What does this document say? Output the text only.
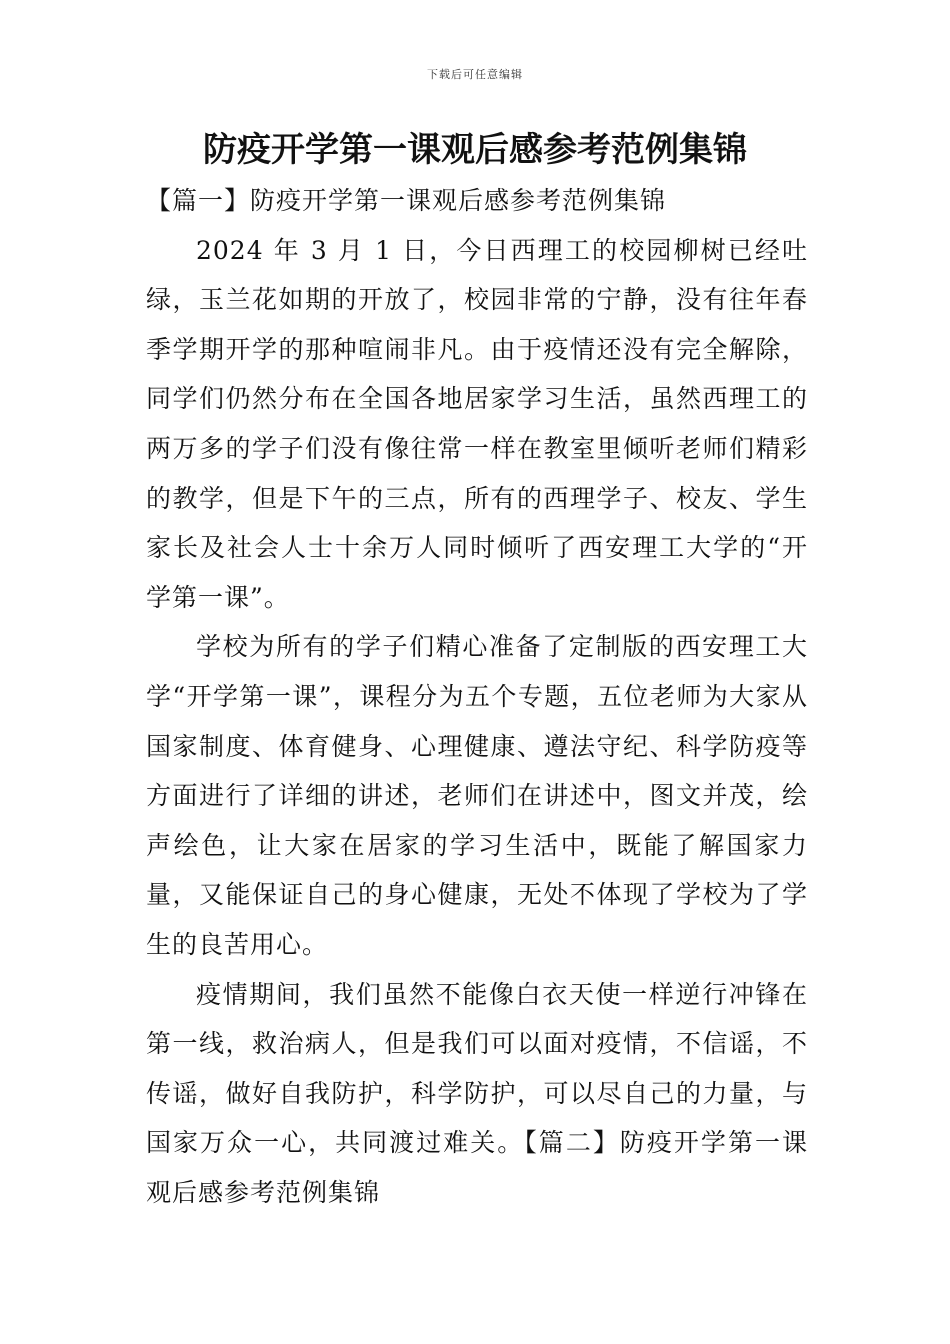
下载后可任意编辑
防疫开学第一课观后感参考范例集锦

【篇一】防疫开学第一课观后感参考范例集锦

2024 年 3 月 1 日，今日西理工的校园柳树已经吐绿，玉兰花如期的开放了，校园非常的宁静，没有往年春季学期开学的那种喧闹非凡。由于疫情还没有完全解除，同学们仍然分布在全国各地居家学习生活，虽然西理工的两万多的学子们没有像往常一样在教室里倾听老师们精彩的教学，但是下午的三点，所有的西理学子、校友、学生家长及社会人士十余万人同时倾听了西安理工大学的“开学第一课”。

学校为所有的学子们精心准备了定制版的西安理工大学“开学第一课”，课程分为五个专题，五位老师为大家从国家制度、体育健身、心理健康、遵法守纪、科学防疫等方面进行了详细的讲述，老师们在讲述中，图文并茂，绘声绘色，让大家在居家的学习生活中，既能了解国家力量，又能保证自己的身心健康，无处不体现了学校为了学生的良苦用心。

疫情期间，我们虽然不能像白衣天使一样逆行冲锋在第一线，救治病人，但是我们可以面对疫情，不信谣，不传谣，做好自我防护，科学防护，可以尽自己的力量，与国家万众一心，共同渡过难关。【篇二】防疫开学第一课观后感参考范例集锦
